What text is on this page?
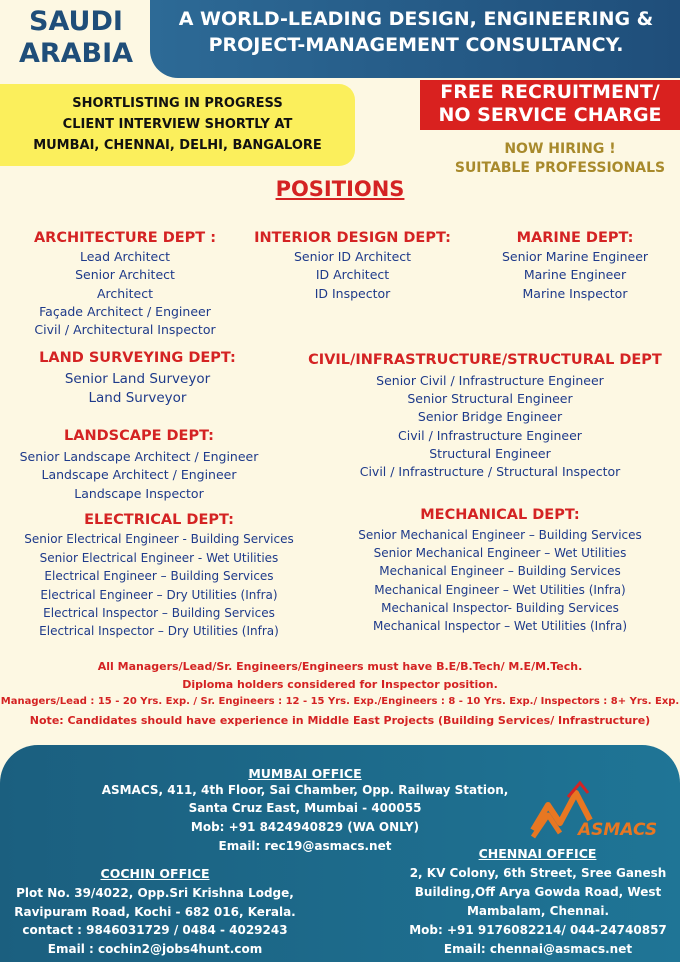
SAUDI
ARABIA
A WORLD-LEADING DESIGN, ENGINEERING &
PROJECT-MANAGEMENT CONSULTANCY.
SHORTLISTING IN PROGRESS
CLIENT INTERVIEW SHORTLY AT
MUMBAI, CHENNAI, DELHI, BANGALORE
FREE RECRUITMENT/
NO SERVICE CHARGE
NOW HIRING !
SUITABLE PROFESSIONALS
POSITIONS
ARCHITECTURE DEPT :
Lead Architect
Senior Architect
Architect
Façade Architect / Engineer
Civil / Architectural Inspector
INTERIOR DESIGN DEPT:
Senior ID Architect
ID Architect
ID Inspector
MARINE DEPT:
Senior Marine Engineer
Marine Engineer
Marine Inspector
LAND SURVEYING DEPT:
Senior Land Surveyor
Land Surveyor
CIVIL/INFRASTRUCTURE/STRUCTURAL DEPT
Senior Civil / Infrastructure Engineer
Senior Structural Engineer
Senior Bridge Engineer
Civil / Infrastructure Engineer
Structural Engineer
Civil / Infrastructure / Structural Inspector
LANDSCAPE DEPT:
Senior Landscape Architect / Engineer
Landscape Architect / Engineer
Landscape Inspector
ELECTRICAL DEPT:
Senior Electrical Engineer - Building Services
Senior Electrical Engineer - Wet Utilities
Electrical Engineer – Building Services
Electrical Engineer – Dry Utilities (Infra)
Electrical Inspector – Building Services
Electrical Inspector – Dry Utilities (Infra)
MECHANICAL DEPT:
Senior Mechanical Engineer – Building Services
Senior Mechanical Engineer – Wet Utilities
Mechanical Engineer – Building Services
Mechanical Engineer – Wet Utilities (Infra)
Mechanical Inspector- Building Services
Mechanical Inspector – Wet Utilities (Infra)
All Managers/Lead/Sr. Engineers/Engineers must have B.E/B.Tech/ M.E/M.Tech.
Diploma holders considered for Inspector position.
Managers/Lead : 15 - 20 Yrs. Exp. / Sr. Engineers : 12 - 15 Yrs. Exp./Engineers : 8 - 10 Yrs. Exp./ Inspectors : 8+ Yrs. Exp.
Note: Candidates should have experience in Middle East Projects (Building Services/ Infrastructure)
MUMBAI OFFICE
ASMACS, 411, 4th Floor, Sai Chamber, Opp. Railway Station,
Santa Cruz East, Mumbai - 400055
Mob: +91 8424940829 (WA ONLY)
Email: rec19@asmacs.net
COCHIN OFFICE
Plot No. 39/4022, Opp.Sri Krishna Lodge,
Ravipuram Road, Kochi - 682 016, Kerala.
contact : 9846031729 / 0484 - 4029243
Email : cochin2@jobs4hunt.com
CHENNAI OFFICE
2, KV Colony, 6th Street, Sree Ganesh
Building,Off Arya Gowda Road, West
Mambalam, Chennai.
Mob: +91 9176082214/ 044-24740857
Email: chennai@asmacs.net
ASMACS
